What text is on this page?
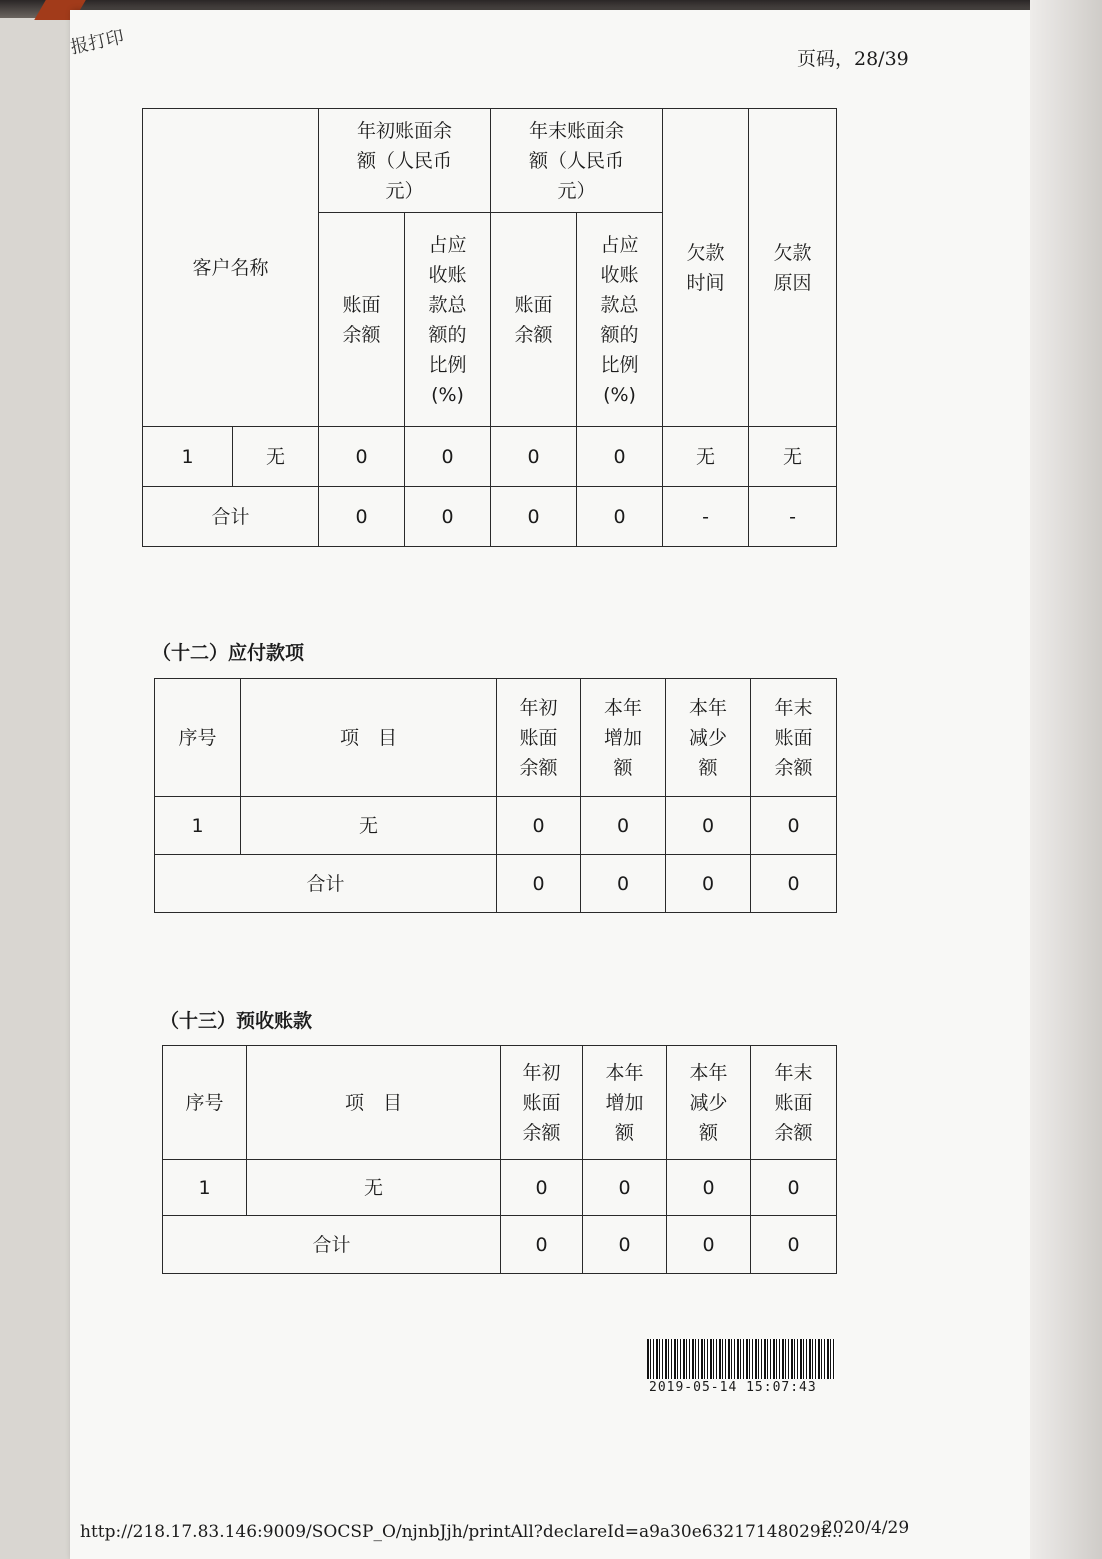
报打印
页码，28/39
客户名称		年初账面余额（人民币元）		年末账面余额（人民币元）		欠款时间	欠款原因
		账面余额	占应收账款总额的比例(%)	账面余额	占应收账款总额的比例(%)		
1	无	0	0	0	0	无	无
合计		0	0	0	0	-	-
（十二）应付款项
序号	项　目	年初账面余额	本年增加额	本年减少额	年末账面余额
1	无	0	0	0	0
合计		0	0	0	0
（十三）预收账款
序号	项　目	年初账面余额	本年增加额	本年减少额	年末账面余额
1	无	0	0	0	0
合计		0	0	0	0
2019-05-14 15:07:43
http://218.17.83.146:9009/SOCSP_O/njnbJjh/printAll?declareId=a9a30e63217148029f...
2020/4/29
